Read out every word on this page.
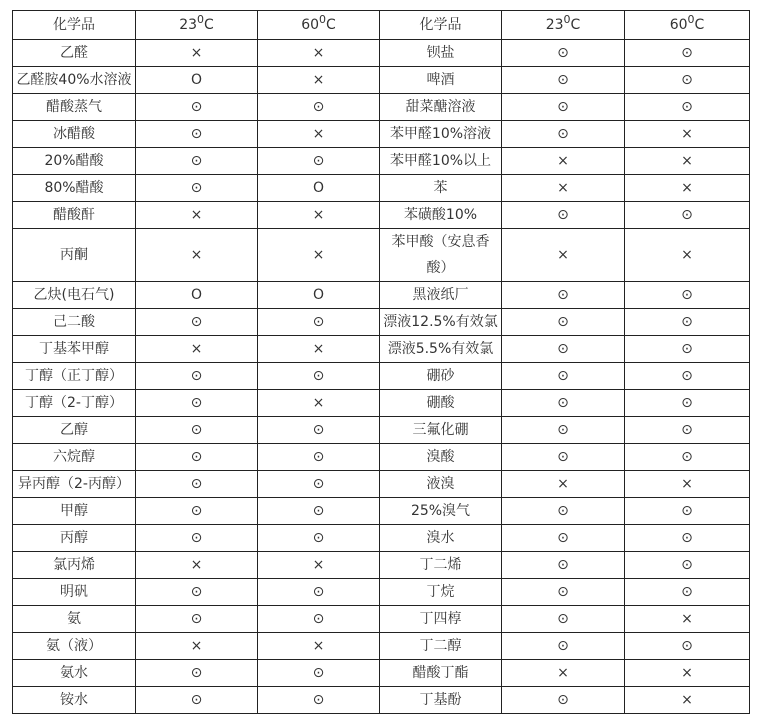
化学品	$23^0C$	$60^0C$	化学品	$23^0C$	$60^0C$
乙醛	×	×	钡盐	⊙	⊙
乙醛胺40%水溶液	O	×	啤酒	⊙	⊙
醋酸蒸气	⊙	⊙	甜菜醣溶液	⊙	⊙
冰醋酸	⊙	×	苯甲醛10%溶液	⊙	×
20%醋酸	⊙	⊙	苯甲醛10%以上	×	×
80%醋酸	⊙	O	苯	×	×
醋酸酐	×	×	苯磺酸10%	⊙	⊙
丙酮	×	×	苯甲酸（安息香酸）	×	×
乙炔(电石气)	O	O	黑液纸厂	⊙	⊙
己二酸	⊙	⊙	漂液12.5%有效氯	⊙	⊙
丁基苯甲醇	×	×	漂液5.5%有效氯	⊙	⊙
丁醇（正丁醇）	⊙	⊙	硼砂	⊙	⊙
丁醇（2-丁醇）	⊙	×	硼酸	⊙	⊙
乙醇	⊙	⊙	三氟化硼	⊙	⊙
六烷醇	⊙	⊙	溴酸	⊙	⊙
异丙醇（2-丙醇）	⊙	⊙	液溴	×	×
甲醇	⊙	⊙	25%溴气	⊙	⊙
丙醇	⊙	⊙	溴水	⊙	⊙
氯丙烯	×	×	丁二烯	⊙	⊙
明矾	⊙	⊙	丁烷	⊙	⊙
氨	⊙	⊙	丁四椁	⊙	×
氨（液）	×	×	丁二醇	⊙	⊙
氨水	⊙	⊙	醋酸丁酯	×	×
铵水	⊙	⊙	丁基酚	⊙	×
